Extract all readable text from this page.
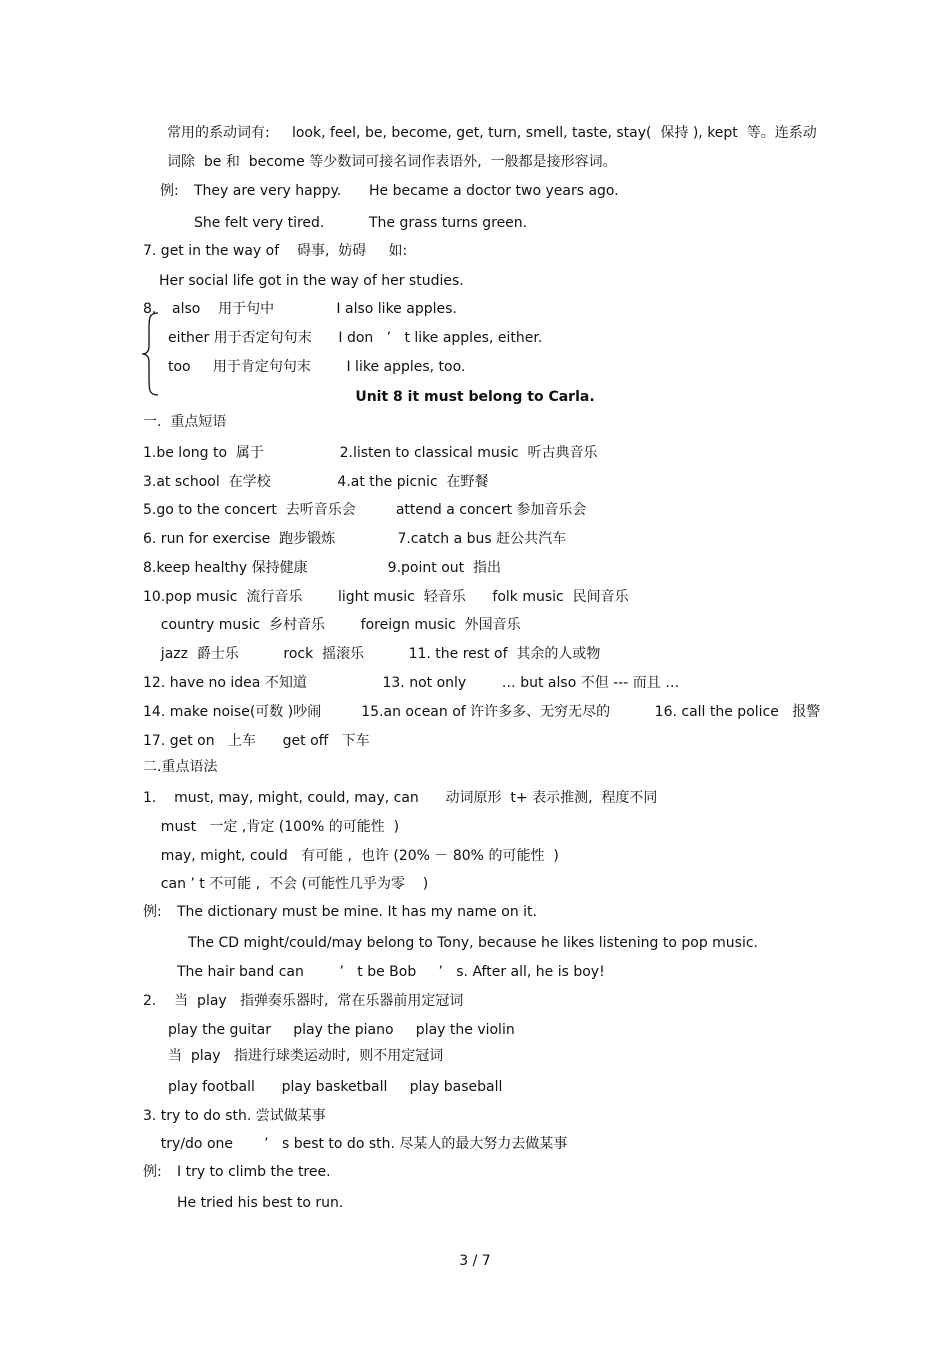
常用的系动词有:     look, feel, be, become, get, turn, smell, taste, stay(  保持 ), kept  等。连系动
词除  be 和  become 等少数词可接名词作表语外,  一般都是接形容词。
例: They are very happy. He became a doctor two years ago.
She felt very tired.	The grass turns green.
7. get in the way of    碍事,  妨碍     如:
Her social life got in the way of her studies.
8. also    用于句中              I also like apples.
either 用于否定句句末      I don   ’   t like apples, either.
too     用于肯定句句末        I like apples, too.
Unit 8 it must belong to Carla.
一.  重点短语
1.be long to  属于                 2.listen to classical music  听古典音乐
3.at school  在学校               4.at the picnic  在野餐
5.go to the concert  去听音乐会         attend a concert 参加音乐会
6. run for exercise  跑步锻炼              7.catch a bus 赶公共汽车
8.keep healthy 保持健康                  9.point out  指出
10.pop music  流行音乐        light music  轻音乐      folk music  民间音乐
country music  乡村音乐        foreign music  外国音乐
jazz  爵士乐          rock  摇滚乐          11. the rest of  其余的人或物
12. have no idea 不知道                 13. not only        … but also 不但 --- 而且 …
14. make noise(可数 )吵闹         15.an ocean of 许许多多、无穷无尽的          16. call the police   报警
17. get on   上车      get off   下车
二.重点语法
1.    must, may, might, could, may, can      动词原形  t+ 表示推测,  程度不同
must   一定 ,肯定 (100% 的可能性  )
may, might, could   有可能 ,  也许 (20% － 80% 的可能性  )
can ’ t 不可能 ,  不会 (可能性几乎为零    )
例: The dictionary must be mine. It has my name on it.
The CD might/could/may belong to Tony, because he likes listening to pop music.
The hair band can        ’   t be Bob     ’   s. After all, he is boy!
2.    当  play   指弹奏乐器时,  常在乐器前用定冠词
play the guitar     play the piano     play the violin
当  play   指进行球类运动时,  则不用定冠词
play football      play basketball     play baseball
3. try to do sth. 尝试做某事
try/do one       ’   s best to do sth. 尽某人的最大努力去做某事
例: I try to climb the tree.
He tried his best to run.
3 / 7
